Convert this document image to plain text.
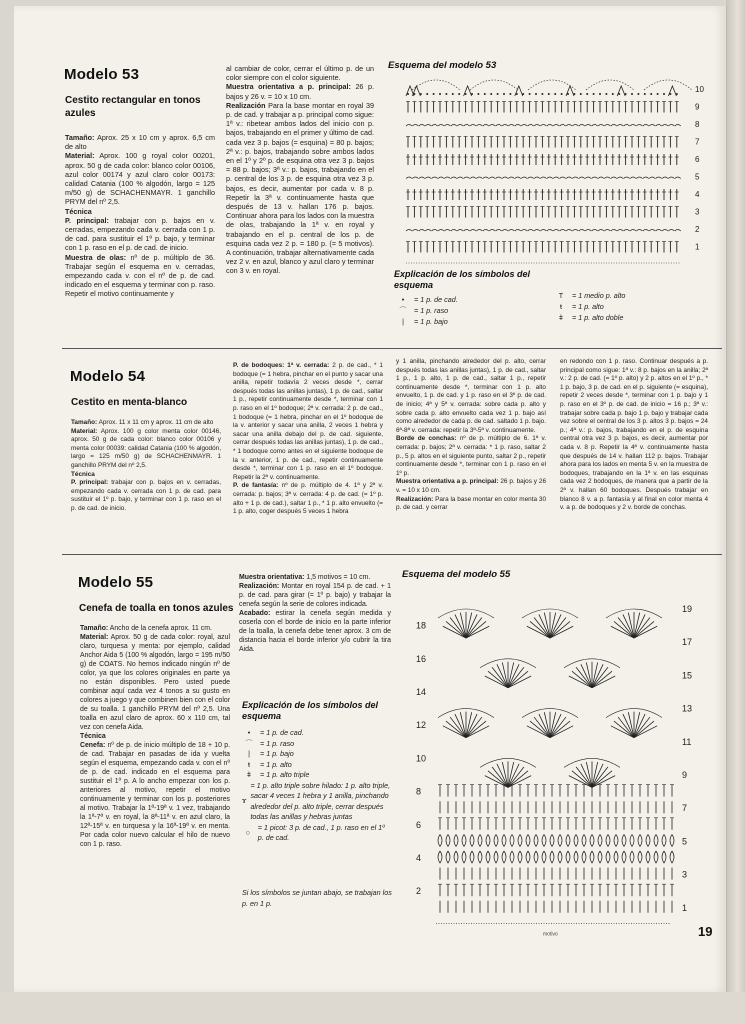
Modelo 53
Cestito rectangular en tonos azules

Tamaño: Aprox. 25 x 10 cm y aprox. 6,5 cm de alto

Material: Aprox. 100 g royal color 00201, aprox. 50 g de cada color: blanco color 00106, azul color 00174 y azul claro color 00173: calidad Catania (100 % algodón, largo = 125 m/50 g) de SCHACHENMAYR. 1 ganchillo PRYM del nº 2,5.

Técnica

P. principal: trabajar con p. bajos en v. cerradas, empezando cada v. cerrada con 1 p. de cad. para sustituir el 1º p. bajo, y terminar con 1 p. raso en el p. de cad. de inicio.

Muestra de olas: nº de p. múltiplo de 36. Trabajar según el esquema en v. cerradas, empezando cada v. con el nº de p. de cad. indicado en el esquema y terminar con p. raso. Repetir el motivo continuamente y

al cambiar de color, cerrar el último p. de un color siempre con el color siguiente.

Muestra orientativa a p. principal: 26 p. bajos y 26 v. = 10 x 10 cm.

Realización Para la base montar en royal 39 p. de cad. y trabajar a p. principal como sigue: 1ª v.: ribetear ambos lados del inicio con p. bajos, trabajando en el primer y último de cad. cada vez 3 p. bajos (= esquina) = 80 p. bajos; 2ª v.: p. bajos, trabajando sobre ambos lados en el 1º y 2º p. de esquina otra vez 3 p. bajos = 88 p. bajos; 3ª v.: p. bajos, trabajando en el p. central de los 3 p. de esquina otra vez 3 p. bajos, es decir, aumentar por cada v. 8 p. Repetir la 3ª v. continuamente hasta que después de 13 v. hallan 176 p. bajos. Continuar ahora para los lados con la muestra de olas, trabajando la 1ª v. en royal y trabajando en el p. central de los p. de esquina cada vez 2 p. = 180 p. (= 5 motivos). A continuación, trabajar alternativamente cada vez 2 v. en azul, blanco y azul claro y terminar con 3 v. en royal.

Esquema del modelo 53
10
9
8
7
6
5
4
3
2
1
Explicación de los símbolos del esquema
•	= 1 p. de cad.
⌒	= 1 p. raso
|	= 1 p. bajo
T	= 1 medio p. alto
ŧ	= 1 p. alto
ǂ	= 1 p. alto doble
Modelo 54
Cestito en menta-blanco

Tamaño: Aprox. 11 x 11 cm y aprox. 11 cm de alto

Material: Aprox. 100 g color menta color 00146, aprox. 50 g de cada color: blanco color 00106 y menta color 00039: calidad Catania (100 % algodón, largo = 125 m/50 g) de SCHACHENMAYR. 1 ganchillo PRYM del nº 2,5.

Técnica

P. principal: trabajar con p. bajos en v. cerradas, empezando cada v. cerrada con 1 p. de cad. para sustituir el 1º p. bajo, y terminar con 1 p. raso en el p. de cad. de inicio.

P. de bodoques: 1ª v. cerrada: 2 p. de cad., * 1 bodoque (= 1 hebra, pinchar en el punto y sacar una anilla, repetir todavía 2 veces desde *, cerrar después todas las anillas juntas), 1 p. de cad., saltar 1 p., repetir continuamente desde *, terminar con 1 p. raso en el 1º bodoque; 2ª v. cerrada: 2 p. de cad., 1 bodoque (= 1 hebra, pinchar en el 1º bodoque de la v. anterior y sacar una anilla, 2 veces 1 hebra y sacar una anilla debajo del p. de cad. siguiente, cerrar después todas las anillas juntas), 1 p. de cad., * 1 bodoque como antes en el siguiente bodoque de la v. anterior, 1 p. de cad., repetir continuamente desde *, terminar con 1 p. raso en el 1º bodoque. Repetir la 2ª v. continuamente.

P. de fantasía: nº de p. múltiplo de 4. 1ª y 2ª v. cerrada: p. bajos; 3ª v. cerrada: 4 p. de cad. (= 1º p. alto + 1 p. de cad.), saltar 1 p., * 1 p. alto envuelto (= 1 p. alto, coger después 5 veces 1 hebra

y 1 anilla, pinchando alrededor del p. alto, cerrar después todas las anillas juntas), 1 p. de cad., saltar 1 p., 1 p. alto, 1 p. de cad., saltar 1 p., repetir continuamente desde *, terminar con 1 p. alto envuelto, 1 p. de cad. y 1 p. raso en el 3º p. de cad. de inicio; 4ª y 5ª v. cerrada: sobre cada p. alto y sobre cada p. alto envuelto cada vez 1 p. bajo así como alrededor de cada p. de cad. saltado 1 p. bajo. 6ª-8ª v. cerrada: repetir la 3ª-5ª v. continuamente.

Borde de conchas: nº de p. múltiplo de 6. 1ª v. cerrada: p. bajos; 2ª v. cerrada: * 1 p. raso, saltar 2 p., 5 p. altos en el siguiente punto, saltar 2 p., repetir continuamente desde *, terminar con 1 p. raso en el 1º p.

Muestra orientativa a p. principal: 26 p. bajos y 26 v. = 10 x 10 cm.

Realización: Para la base montar en color menta 30 p. de cad. y cerrar

en redondo con 1 p. raso. Continuar después a p. principal como sigue: 1ª v.: 8 p. bajos en la anilla; 2ª v.: 2 p. de cad. (= 1º p. alto) y 2 p. altos en el 1º p., * 1 p. bajo, 3 p. de cad. en el p. siguiente (= esquina), repetir 2 veces desde *, terminar con 1 p. bajo y 1 p. raso en el 3º p. de cad. de inicio = 16 p.; 3ª v.: trabajar sobre cada p. bajo 1 p. bajo y trabajar cada vez sobre el central de los 3 p. altos 3 p. bajos = 24 p.; 4ª v.: p. bajos, trabajando en el p. de esquina central otra vez 3 p. bajos, es decir, aumentar por cada v. 8 p. Repetir la 4ª v. continuamente hasta que después de 14 v. hallan 112 p. bajos. Trabajar ahora para los lados en menta 5 v. en la muestra de bodoques, trabajando en la 1ª v. en las esquinas cada vez 2 bodoques, de manera que a partir de la 2ª v. hallan 60 bodoques. Después trabajar en blanco 8 v. a p. fantasía y al final en color menta 4 v. a p. de bodoques y 2 v. borde de conchas.

Modelo 55
Cenefa de toalla en tonos azules

Tamaño: Ancho de la cenefa aprox. 11 cm.

Material: Aprox. 50 g de cada color: royal, azul claro, turquesa y menta: por ejemplo, calidad Anchor Aida 5 (100 % algodón, largo = 195 m/50 g) de COATS. No hemos indicado ningún nº de color, ya que los colores originales en parte ya no están disponibles. Pero usted puede combinar aquí cada vez 4 tonos a su gusto en colores a juego y que combinen bien con el color de su toalla. 1 ganchillo PRYM del nº 2,5. Una toalla en azul claro de aprox. 60 x 110 cm, tal vez con cenefa Aida.

Técnica

Cenefa: nº de p. de inicio múltiplo de 18 + 10 p. de cad. Trabajar en pasadas de ida y vuelta según el esquema, empezando cada v. con el nº de p. de cad. indicado en el esquema para sustituir el 1º p. A lo ancho empezar con los p. anteriores al motivo, repetir el motivo continuamente y terminar con los p. posteriores al motivo. Trabajar la 1ª-19ª v. 1 vez, trabajando la 1ª-7ª v. en royal, la 8ª-11ª v. en azul claro, la 12ª-15ª v. en turquesa y la 16ª-19ª v. en menta. Por cada color nuevo calcular el hilo de nuevo con 1 p. raso.

Muestra orientativa: 1,5 motivos = 10 cm.

Realización: Montar en royal 154 p. de cad. + 1 p. de cad. para girar (= 1º p. bajo) y trabajar la cenefa según la serie de colores indicada.

Acabado: estirar la cenefa según medida y coserla con el borde de inicio en la parte inferior de la toalla, la cenefa debe tener aprox. 3 cm de distancia hacia el borde inferior y/o cubrir la tira Aida.

Explicación de los símbolos del esquema
•	= 1 p. de cad.
⌒	= 1 p. raso
|	= 1 p. bajo
ŧ	= 1 p. alto
ǂ	= 1 p. alto triple
ɤ
= 1 p. alto triple sobre hilado: 1 p. alto triple, sacar 4 veces 1 hebra y 1 anilla, pinchando alrededor del p. alto triple, cerrar después todas las anillas y hebras juntas
○
= 1 picot: 3 p. de cad., 1 p. raso en el 1º p. de cad.
Si los símbolos se juntan abajo, se trabajan los p. en 1 p.
Esquema del modelo 55
19
17
15
13
11
9
7
5
3
1
18
16
14
12
10
8
6
4
2
motivo	19
